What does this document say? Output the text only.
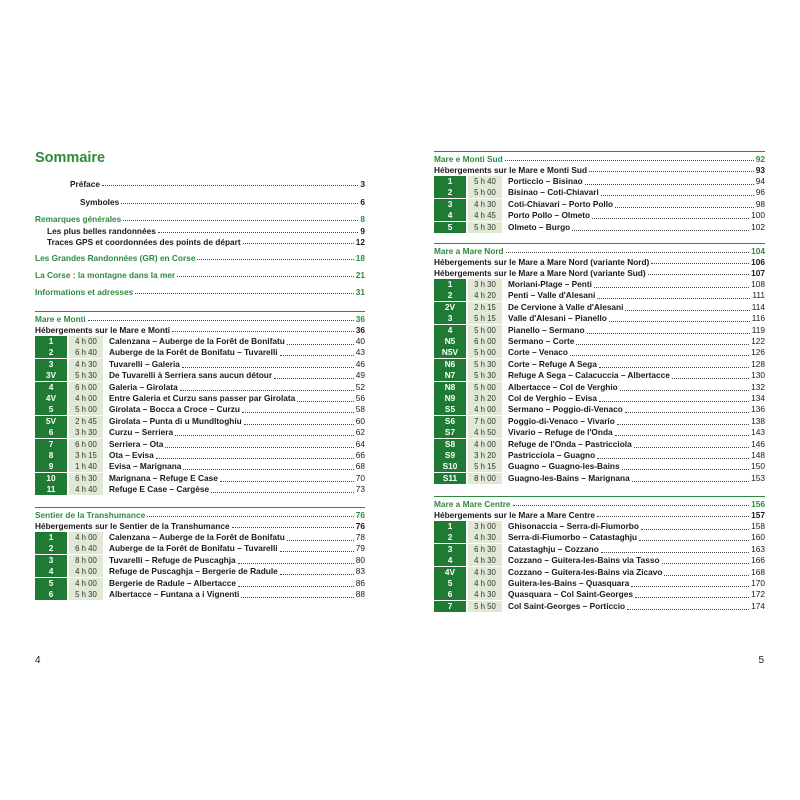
Sommaire
Préface	3
Symboles	6
Remarques générales	8
Les plus belles randonnées	9
Traces GPS et coordonnées des points de départ	12
Les Grandes Randonnées (GR) en Corse	18
La Corse : la montagne dans la mer	21
Informations et adresses	31
Mare e Monti	36
Hébergements sur le Mare e Monti	36
1	4 h 00	Calenzana – Auberge de la Forêt de Bonifatu	40
2	6 h 40	Auberge de la Forêt de Bonifatu – Tuvarelli	43
3	4 h 30	Tuvarelli – Galeria	46
3V	5 h 30	De Tuvarelli à Serriera sans aucun détour	49
4	6 h 00	Galeria – Girolata	52
4V	4 h 00	Entre Galeria et Curzu sans passer par Girolata	56
5	5 h 00	Girolata – Bocca a Croce – Curzu	58
5V	2 h 45	Girolata – Punta di u Mundltoghiu	60
6	3 h 30	Curzu – Serriera	62
7	6 h 00	Serriera – Ota	64
8	3 h 15	Ota – Evisa	66
9	1 h 40	Evisa – Marignana	68
10	6 h 30	Marignana – Refuge E Case	70
11	4 h 40	Refuge E Case – Cargèse	73
Sentier de la Transhumance	76
Hébergements sur le Sentier de la Transhumance	76
1	4 h 00	Calenzana – Auberge de la Forêt de Bonifatu	78
2	6 h 40	Auberge de la Forêt de Bonifatu – Tuvarelli	79
3	8 h 00	Tuvarelli – Refuge de Puscaghja	80
4	4 h 00	Refuge de Puscaghja – Bergerie de Radule	83
5	4 h 00	Bergerie de Radule – Albertacce	86
6	5 h 30	Albertacce – Funtana a i Vignenti	88
4
Mare e Monti Sud	92
Hébergements sur le Mare e Monti Sud	93
1	5 h 40	Porticcio – Bisinao	94
2	5 h 00	Bisinao – Coti-Chiavari	96
3	4 h 30	Coti-Chiavari – Porto Pollo	98
4	4 h 45	Porto Pollo – Olmeto	100
5	5 h 30	Olmeto – Burgo	102
Mare a Mare Nord	104
Hébergements sur le Mare a Mare Nord (variante Nord)	106
Hébergements sur le Mare a Mare Nord (variante Sud)	107
1	3 h 30	Moriani-Plage – Penti	108
2	4 h 20	Penti – Valle d'Alesani	111
2V	2 h 15	De Cervione à Valle d'Alesani	114
3	5 h 15	Valle d'Alesani – Pianello	116
4	5 h 00	Pianello – Sermano	119
N5	6 h 00	Sermano – Corte	122
N5V	5 h 00	Corte – Venaco	126
N6	5 h 30	Corte – Refuge A Sega	128
N7	5 h 30	Refuge A Sega – Calacuccia – Albertacce	130
N8	5 h 00	Albertacce – Col de Verghio	132
N9	3 h 20	Col de Verghio – Evisa	134
S5	4 h 00	Sermano – Poggio-di-Venaco	136
S6	7 h 00	Poggio-di-Venaco – Vivario	138
S7	4 h 50	Vivario – Refuge de l'Onda	143
S8	4 h 00	Refuge de l'Onda – Pastricciola	146
S9	3 h 20	Pastricciola – Guagno	148
S10	5 h 15	Guagno – Guagno-les-Bains	150
S11	8 h 00	Guagno-les-Bains – Marignana	153
Mare a Mare Centre	156
Hébergements sur le Mare a Mare Centre	157
1	3 h 00	Ghisonaccia – Serra-di-Fiumorbo	158
2	4 h 30	Serra-di-Fiumorbo – Catastaghju	160
3	6 h 30	Catastaghju – Cozzano	163
4	4 h 30	Cozzano – Guitera-les-Bains via Tasso	166
4V	4 h 30	Cozzano – Guitera-les-Bains via Zicavo	168
5	4 h 00	Guitera-les-Bains – Quasquara	170
6	4 h 30	Quasquara – Col Saint-Georges	172
7	5 h 50	Col Saint-Georges – Porticcio	174
5
